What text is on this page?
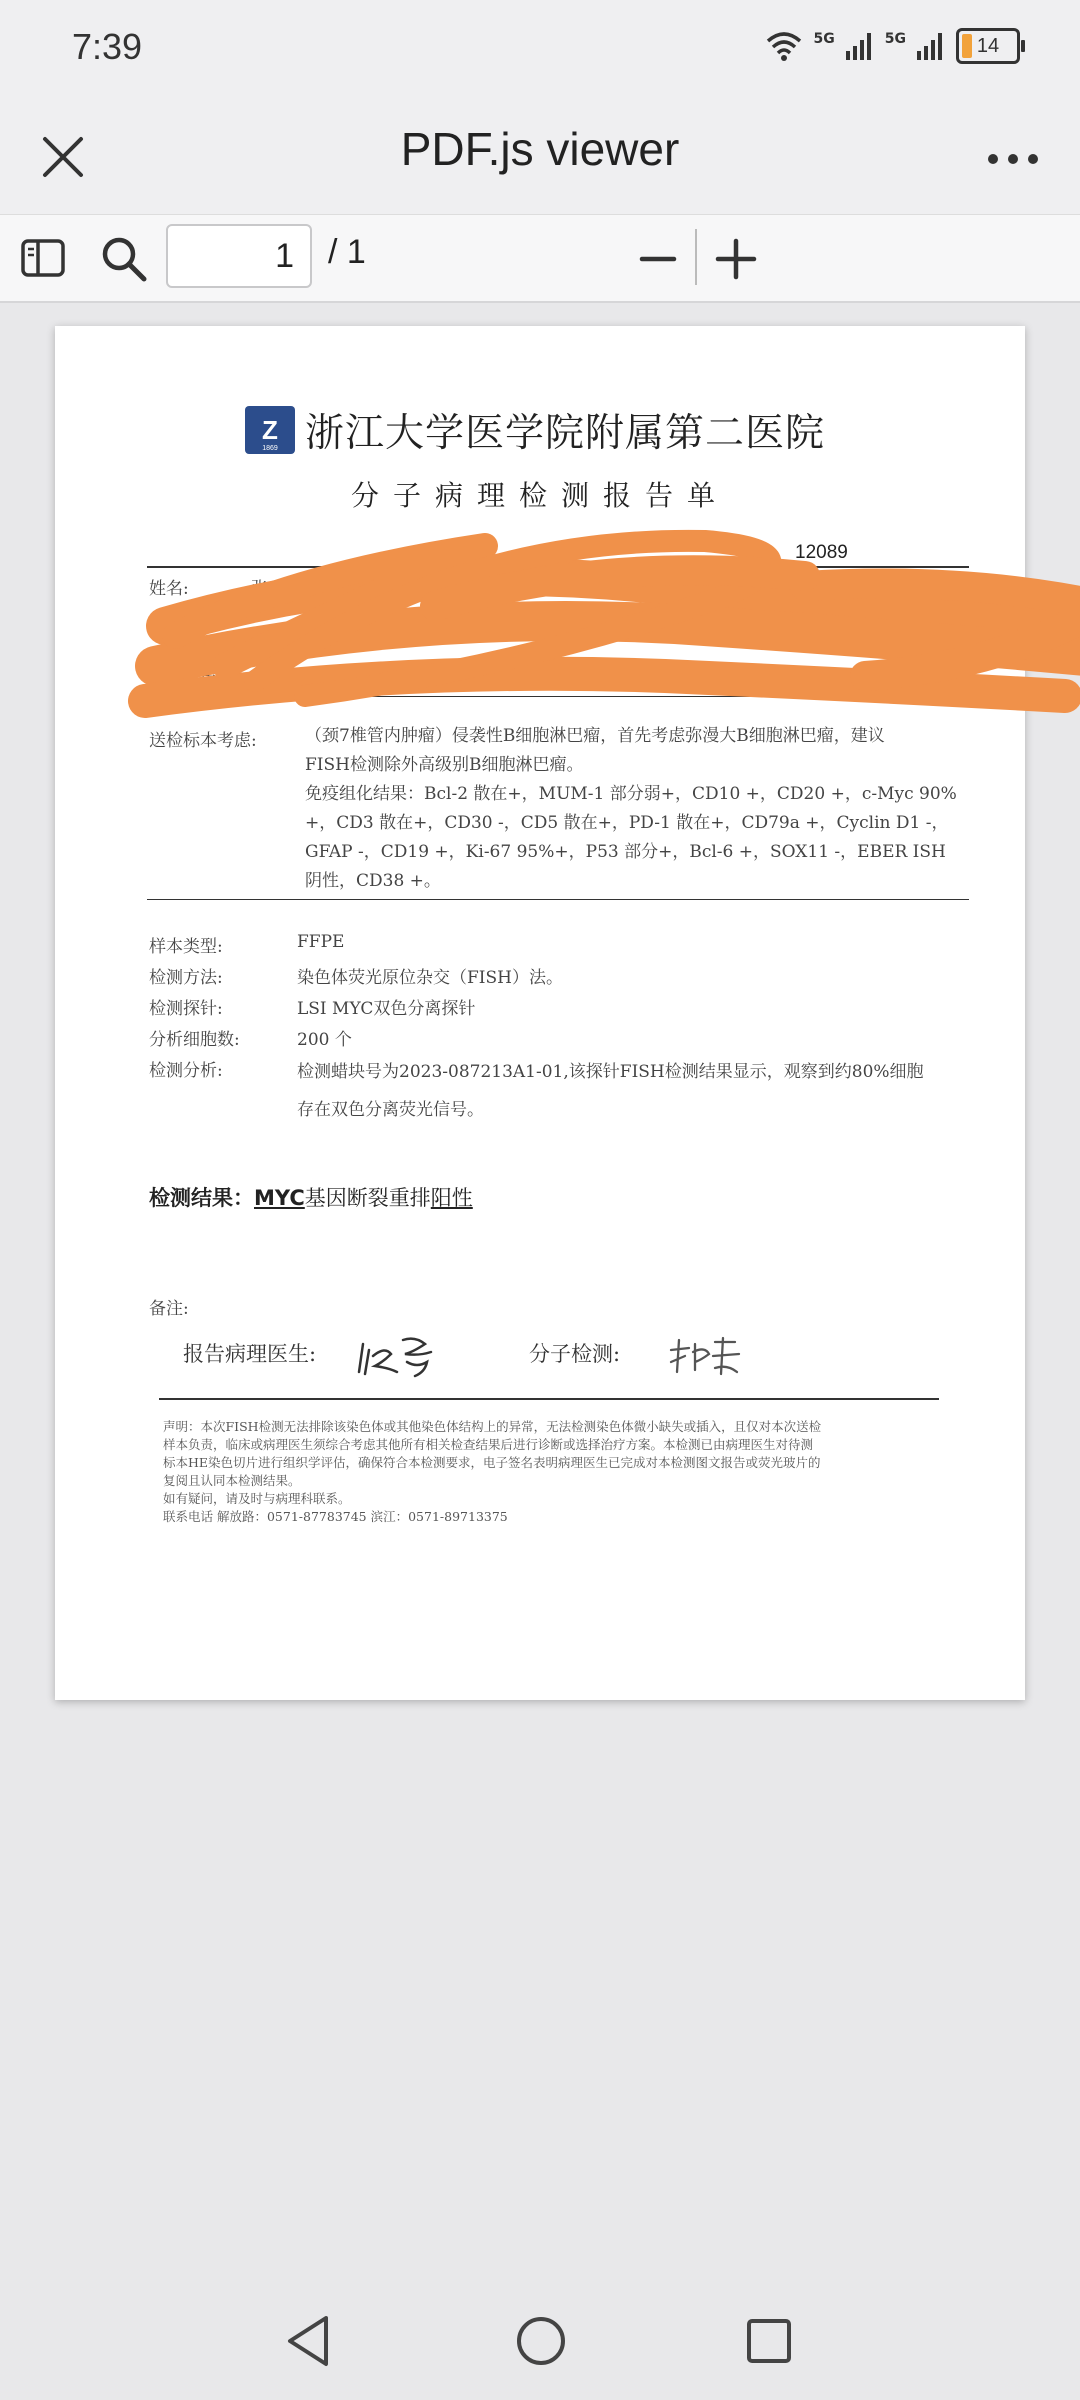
7:39	5G	5G	14
PDF.js viewer
1	/ 1
Z
1869 浙江大学医学院附属第二医院
分子病理检测报告单
12089
姓名:	张	病案号: 16204270	病理号: 2023-087213
送检医生:	科室:	床号: 19	报告日期:
送检标本考虑:	（颈7椎管内肿瘤）侵袭性B细胞淋巴瘤，首先考虑弥漫大B细胞淋巴瘤，建议
FISH检测除外高级别B细胞淋巴瘤。
免疫组化结果：Bcl-2 散在+，MUM-1 部分弱+，CD10 +，CD20 +，c-Myc 90%
+，CD3 散在+，CD30 -，CD5 散在+，PD-1 散在+，CD79a +，Cyclin D1 -，
GFAP -，CD19 +，Ki-67 95%+，P53 部分+，Bcl-6 +，SOX11 -，EBER ISH
阴性，CD38 +。
样本类型:	FFPE
检测方法:	染色体荧光原位杂交（FISH）法。
检测探针:	LSI MYC双色分离探针
分析细胞数:	200 个
检测分析:	检测蜡块号为2023-087213A1-01,该探针FISH检测结果显示，观察到约80%细胞
存在双色分离荧光信号。
检测结果：MYC基因断裂重排阳性
备注:
报告病理医生:	分子检测:
声明：本次FISH检测无法排除该染色体或其他染色体结构上的异常，无法检测染色体微小缺失或插入，且仅对本次送检
样本负责，临床或病理医生须综合考虑其他所有相关检查结果后进行诊断或选择治疗方案。本检测已由病理医生对待测
标本HE染色切片进行组织学评估，确保符合本检测要求，电子签名表明病理医生已完成对本检测图文报告或荧光玻片的
复阅且认同本检测结果。
如有疑问，请及时与病理科联系。
联系电话 解放路：0571-87783745 滨江：0571-89713375
